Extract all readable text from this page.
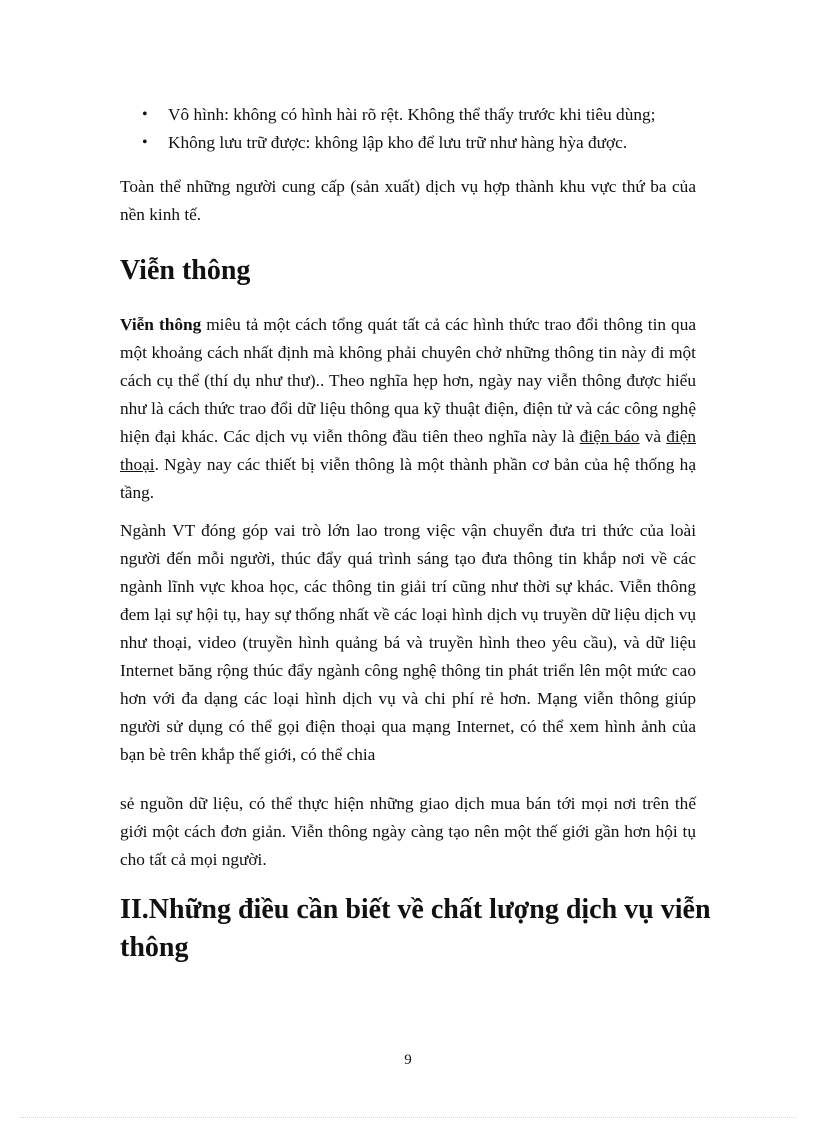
• Vô hình: không có hình hài rõ rệt. Không thể thấy trước khi tiêu dùng;
• Không lưu trữ được: không lập kho để lưu trữ như hàng hỳa được.

Toàn thể những người cung cấp (sản xuất) dịch vụ hợp thành khu vực thứ ba của nền kinh tế.

Viễn thông

Viễn thông miêu tả một cách tổng quát tất cả các hình thức trao đổi thông tin qua một khoảng cách nhất định mà không phải chuyên chở những thông tin này đi một cách cụ thể (thí dụ như thư).. Theo nghĩa hẹp hơn, ngày nay viễn thông được hiểu như là cách thức trao đổi dữ liệu thông qua kỹ thuật điện, điện tử và các công nghệ hiện đại khác. Các dịch vụ viễn thông đầu tiên theo nghĩa này là điện báo và điện thoại. Ngày nay các thiết bị viễn thông là một thành phần cơ bản của hệ thống hạ tầng.

Ngành VT đóng góp vai trò lớn lao trong việc vận chuyển đưa tri thức của loài người đến mỗi người, thúc đẩy quá trình sáng tạo đưa thông tin khắp nơi về các ngành lĩnh vực khoa học, các thông tin giải trí cũng như thời sự khác. Viễn thông đem lại sự hội tụ, hay sự thống nhất về các loại hình dịch vụ truyền dữ liệu dịch vụ như thoại, video (truyền hình quảng bá và truyền hình theo yêu cầu), và dữ liệu Internet băng rộng thúc đẩy ngành công nghệ thông tin phát triển lên một mức cao hơn với đa dạng các loại hình dịch vụ và chi phí rẻ hơn. Mạng viễn thông giúp người sử dụng có thể gọi điện thoại qua mạng Internet, có thể xem hình ảnh của bạn bè trên khắp thế giới, có thể chia

sẻ nguồn dữ liệu, có thể thực hiện những giao dịch mua bán tới mọi nơi trên thế giới một cách đơn giản. Viễn thông ngày càng tạo nên một thế giới gần hơn hội tụ cho tất cả mọi người.

II.Những điều cần biết về chất lượng dịch vụ viễn thông
9
